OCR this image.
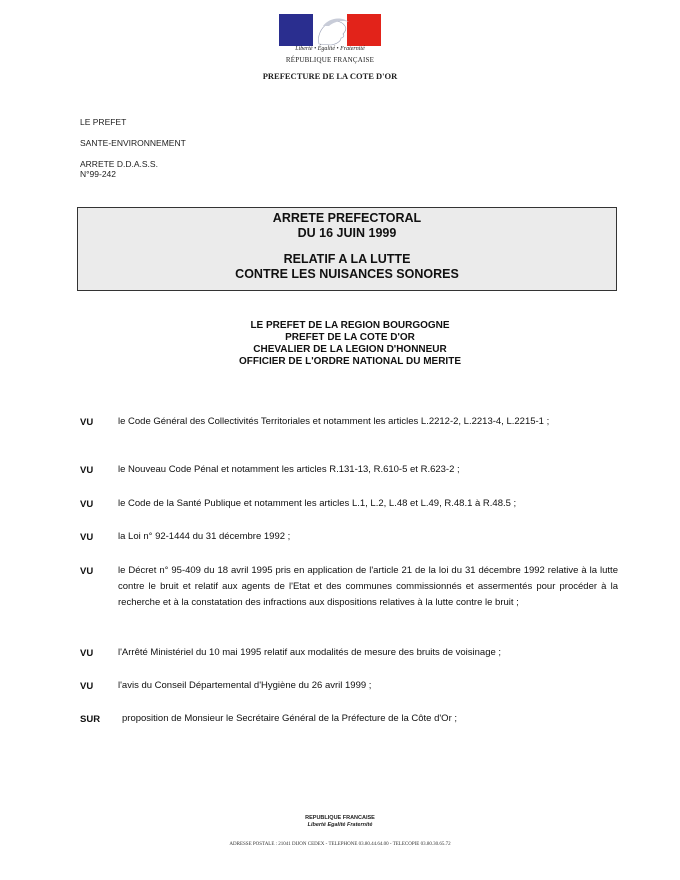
Liberté • Égalité • Fraternité
RÉPUBLIQUE FRANÇAISE
PREFECTURE DE LA COTE D'OR
LE PREFET
SANTE-ENVIRONNEMENT
ARRETE D.D.A.S.S.
N°99-242
ARRETE PREFECTORAL
DU 16 JUIN 1999
RELATIF A LA LUTTE
CONTRE LES NUISANCES SONORES
LE PREFET DE LA REGION BOURGOGNE
PREFET DE LA COTE D'OR
CHEVALIER DE LA LEGION D'HONNEUR
OFFICIER DE L'ORDRE NATIONAL DU MERITE
VU	le Code Général des Collectivités Territoriales et notamment les articles L.2212-2, L.2213-4, L.2215-1 ;
VU	le Nouveau Code Pénal et notamment les articles R.131-13, R.610-5 et R.623-2 ;
VU	le Code de la Santé Publique et notamment les articles L.1, L.2, L.48 et L.49, R.48.1 à R.48.5 ;
VU	la Loi n° 92-1444 du 31 décembre 1992 ;
VU	le Décret n° 95-409 du 18 avril 1995 pris en application de l'article 21 de la loi du 31 décembre 1992 relative à la lutte contre le bruit et relatif aux agents de l'Etat et des communes commissionnés et assermentés pour procéder à la recherche et à la constatation des infractions aux dispositions relatives à la lutte contre le bruit ;
VU	l'Arrêté Ministériel du 10 mai 1995 relatif aux modalités de mesure des bruits de voisinage ;
VU	l'avis du Conseil Départemental d'Hygiène du 26 avril 1999 ;
SUR proposition de Monsieur le Secrétaire Général de la Préfecture de la Côte d'Or ;
REPUBLIQUE FRANCAISE
Liberté Egalité Fraternité
ADRESSE POSTALE : 21041 DIJON CEDEX - TELEPHONE 03.80.44.64.00 - TELECOPIE 03.80.30.65.72
